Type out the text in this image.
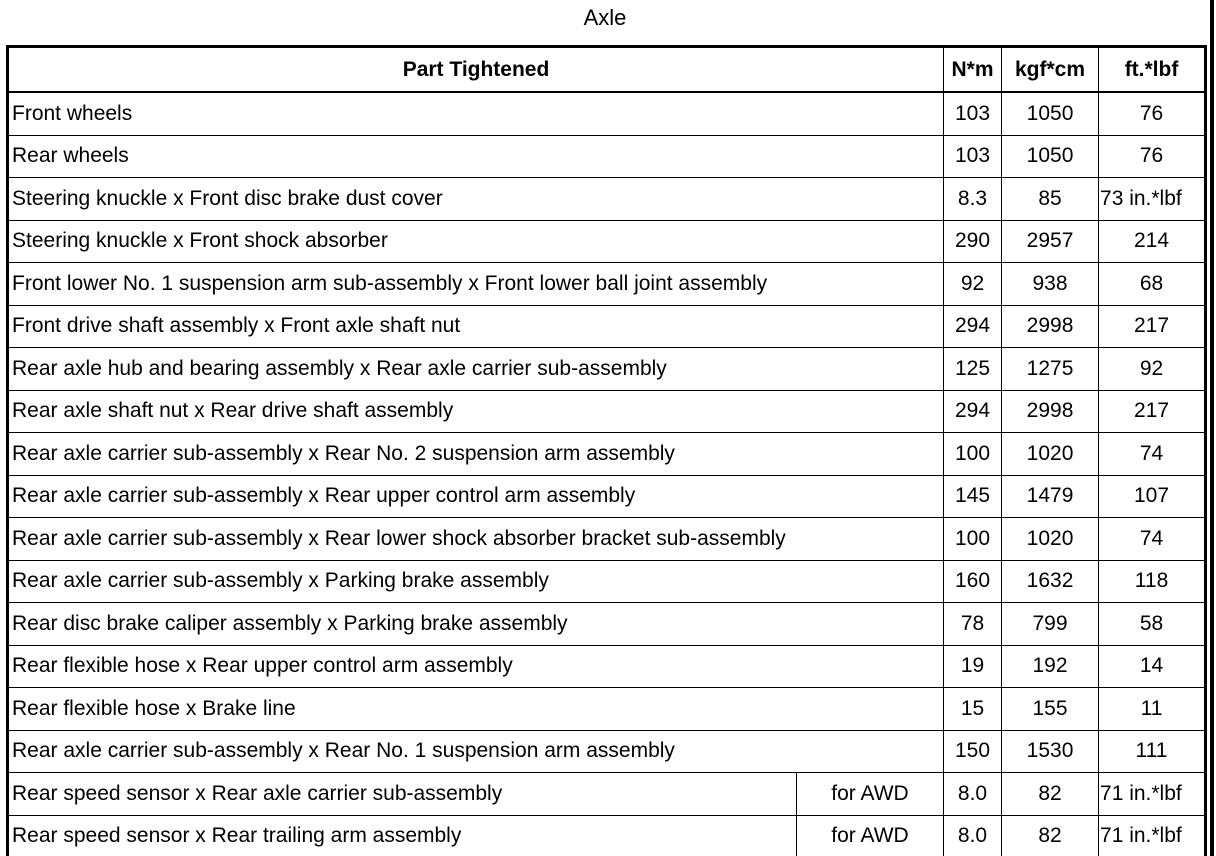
Axle
Part Tightened		N*m	kgf*cm	ft.*lbf
Front wheels		103	1050	76
Rear wheels		103	1050	76
Steering knuckle x Front disc brake dust cover		8.3	85	73 in.*lbf
Steering knuckle x Front shock absorber		290	2957	214
Front lower No. 1 suspension arm sub-assembly x Front lower ball joint assembly		92	938	68
Front drive shaft assembly x Front axle shaft nut		294	2998	217
Rear axle hub and bearing assembly x Rear axle carrier sub-assembly		125	1275	92
Rear axle shaft nut x Rear drive shaft assembly		294	2998	217
Rear axle carrier sub-assembly x Rear No. 2 suspension arm assembly		100	1020	74
Rear axle carrier sub-assembly x Rear upper control arm assembly		145	1479	107
Rear axle carrier sub-assembly x Rear lower shock absorber bracket sub-assembly		100	1020	74
Rear axle carrier sub-assembly x Parking brake assembly		160	1632	118
Rear disc brake caliper assembly x Parking brake assembly		78	799	58
Rear flexible hose x Rear upper control arm assembly		19	192	14
Rear flexible hose x Brake line		15	155	11
Rear axle carrier sub-assembly x Rear No. 1 suspension arm assembly		150	1530	111
Rear speed sensor x Rear axle carrier sub-assembly	for AWD	8.0	82	71 in.*lbf
Rear speed sensor x Rear trailing arm assembly	for AWD	8.0	82	71 in.*lbf
